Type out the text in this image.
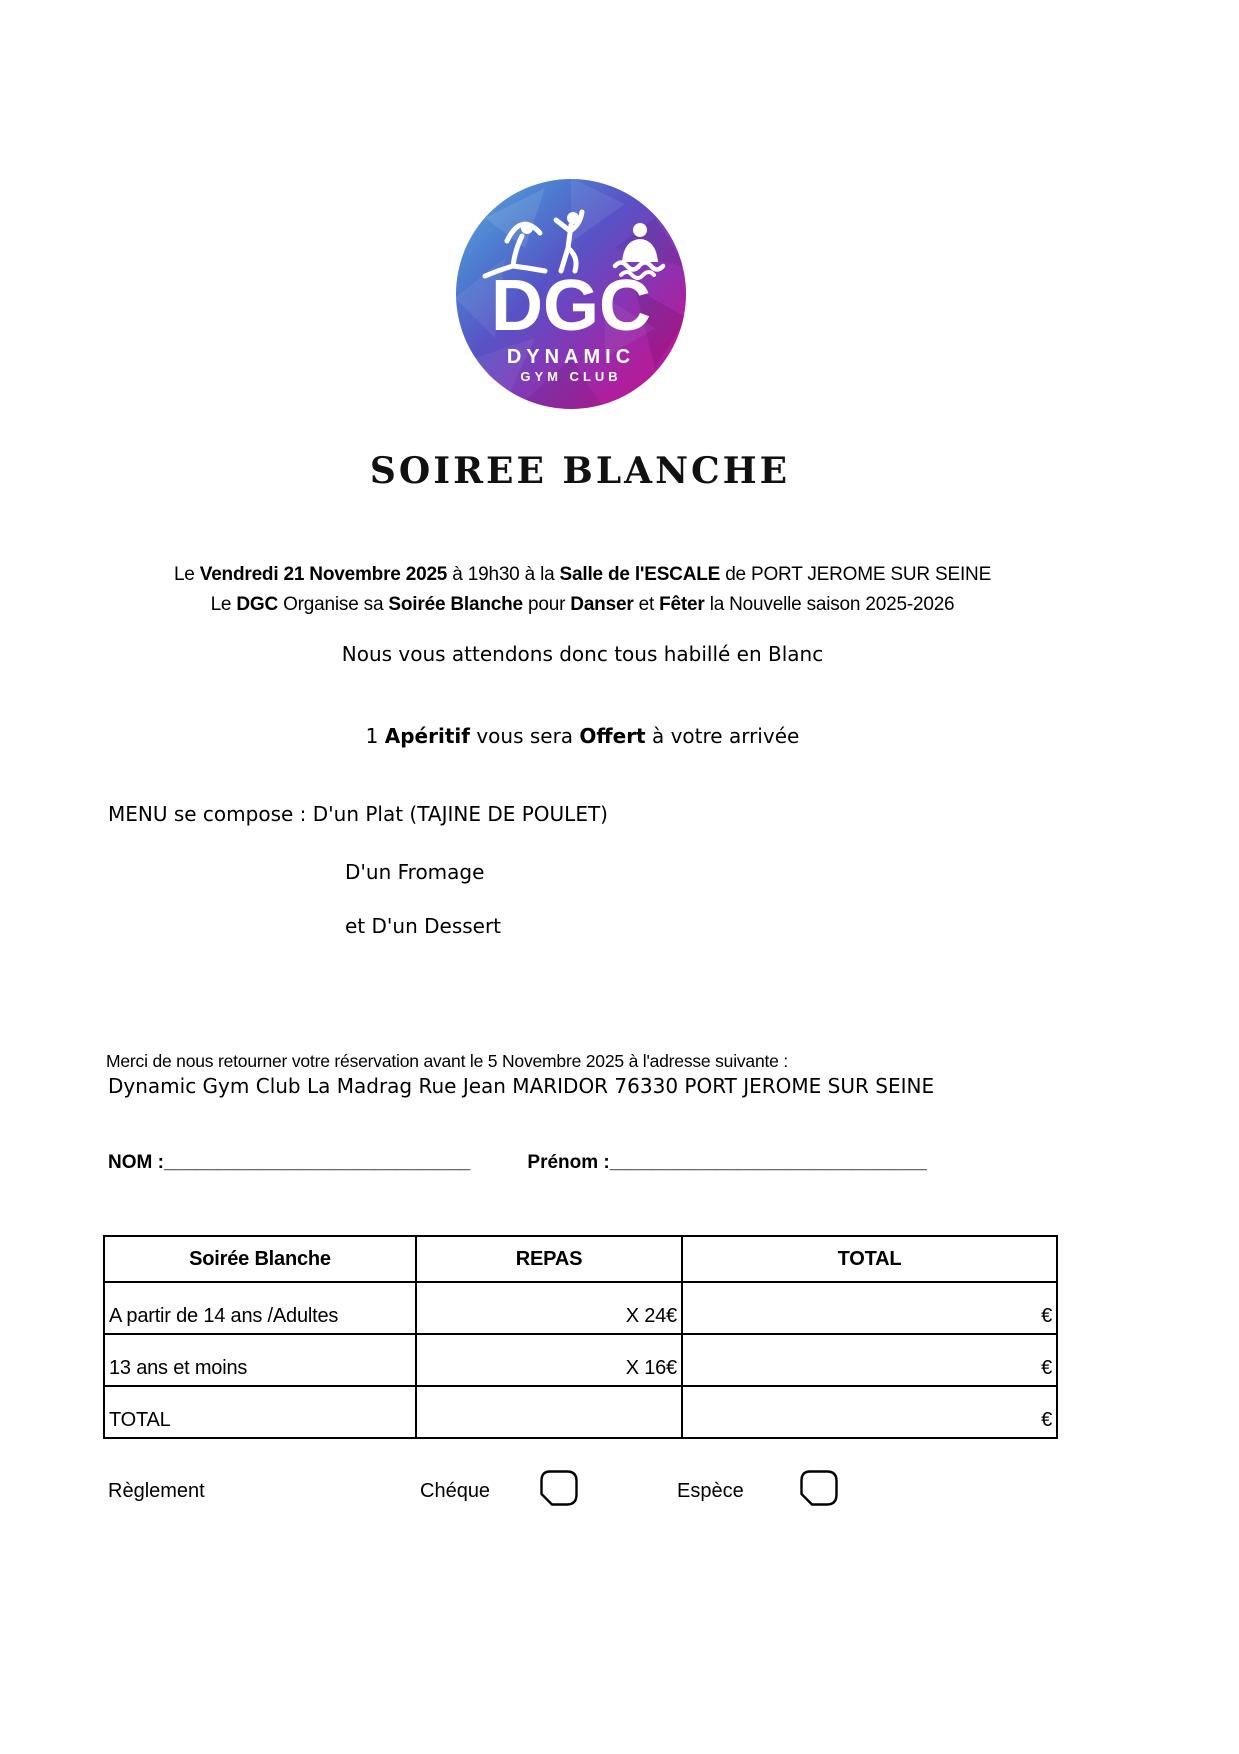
DGC
DYNAMIC
GYM CLUB
SOIREE BLANCHE
Le Vendredi 21 Novembre 2025 à 19h30 à la Salle de l'ESCALE de PORT JEROME SUR SEINE
Le DGC Organise sa Soirée Blanche pour Danser et Fêter la Nouvelle saison 2025-2026
Nous vous attendons donc tous habillé en Blanc
1 Apéritif vous sera Offert à votre arrivée
MENU se compose : D'un Plat (TAJINE DE POULET)
D'un Fromage
et D'un Dessert
Merci de nous retourner votre réservation avant le 5 Novembre 2025 à l'adresse suivante :
Dynamic Gym Club La Madrag Rue Jean MARIDOR 76330 PORT JEROME SUR SEINE
NOM :_____________________________	Prénom :______________________________
Soirée Blanche	REPAS	TOTAL
A partir de 14 ans /Adultes	X 24€	€
13 ans et moins	X 16€	€
TOTAL		€
Règlement	Chéque	Espèce
